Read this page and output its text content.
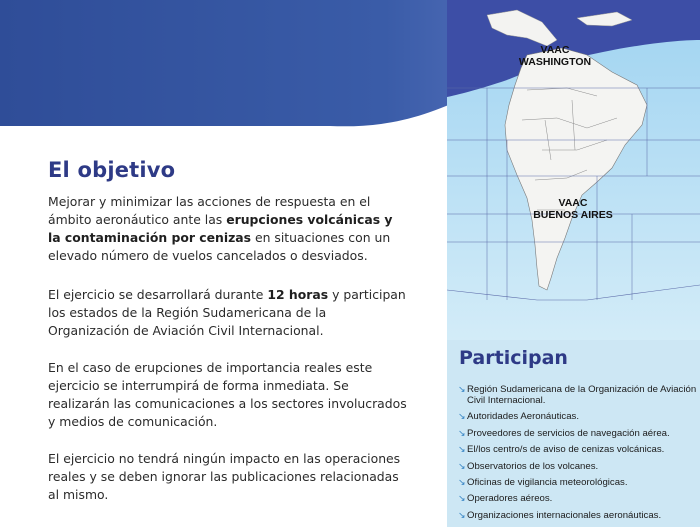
VAAC
WASHINGTON
VAAC
BUENOS AIRES
El objetivo

Mejorar y minimizar las acciones de respuesta en el ámbito aeronáutico ante las erupciones volcánicas y la contaminación por cenizas en situaciones con un elevado número de vuelos cancelados o desviados.

El ejercicio se desarrollará durante 12 horas y participan los estados de la Región Sudamericana de la Organización de Aviación Civil Internacional.

En el caso de erupciones de importancia reales este ejercicio se interrumpirá de forma inmediata. Se realizarán las comunicaciones a los sectores involucrados y medios de comunicación.

El ejercicio no tendrá ningún impacto en las operaciones reales y se deben ignorar las publicaciones relacionadas al mismo.

Participan
↘ Región Sudamericana de la Organización de Aviación Civil Internacional.
↘ Autoridades Aeronáuticas.
↘ Proveedores de servicios de navegación aérea.
↘ El/los centro/s de aviso de cenizas volcánicas.
↘ Observatorios de los volcanes.
↘ Oficinas de vigilancia meteorológicas.
↘ Operadores aéreos.
↘ Organizaciones internacionales aeronáuticas.
